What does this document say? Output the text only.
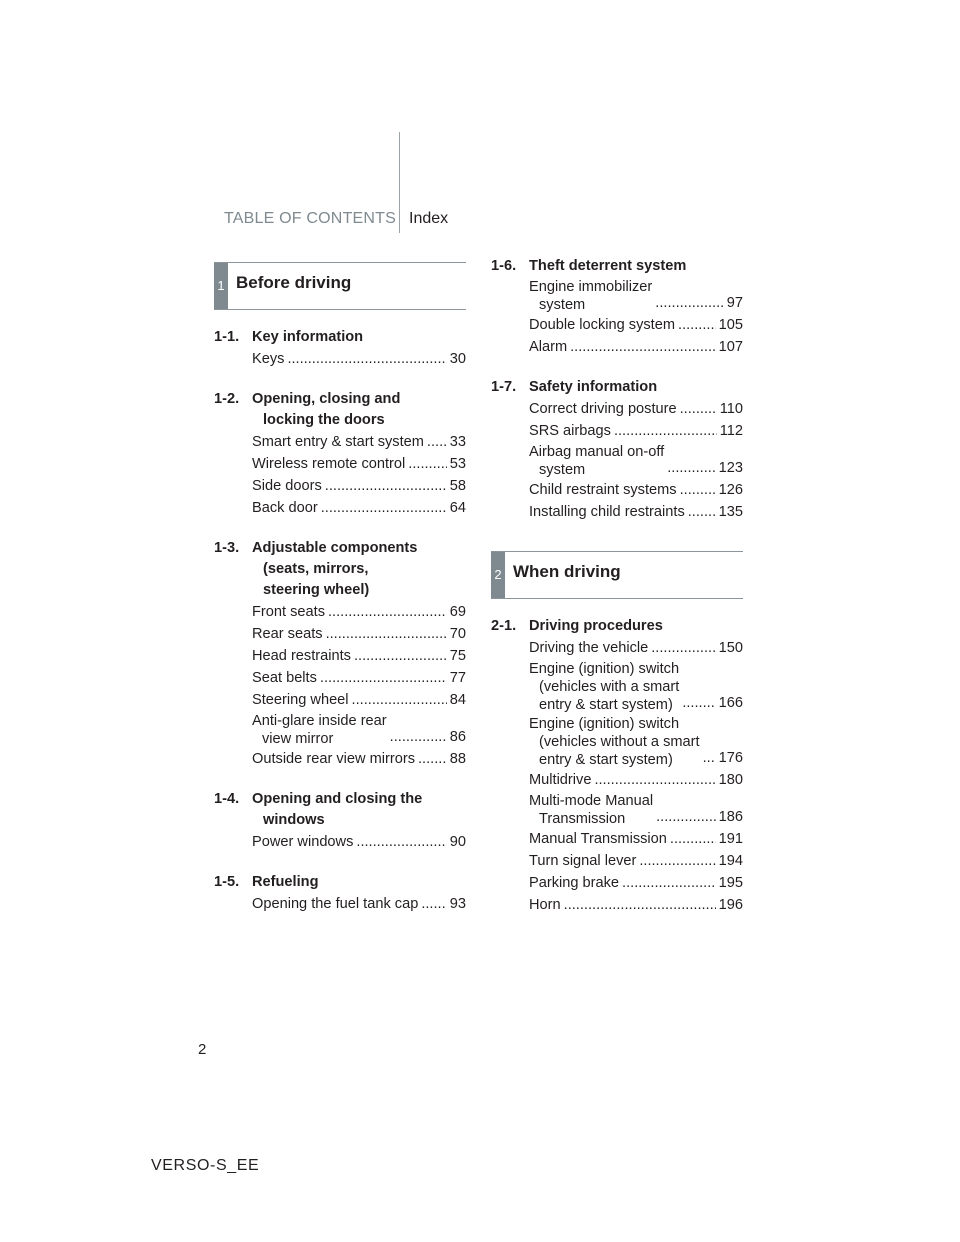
TABLE OF CONTENTS Index
1 Before driving
2 When driving
1-1. Key information
Keys .....	30
1-2. Opening, closing and
locking the doors
Smart entry & start system ..... 33
Wireless remote control .....	53
Side doors .....	58
Back door .....	64
1-3. Adjustable components
(seats, mirrors,
steering wheel)
Front seats .....	69
Rear seats .....	70
Head restraints .....	75
Seat belts .....	77
Steering wheel .....	84
Anti-glare inside rear
view mirror .....	86
Outside rear view mirrors ..... 88
1-4. Opening and closing the
windows
Power windows .....	90
1-5. Refueling
Opening the fuel tank cap ..... 93
1-6. Theft deterrent system
Engine immobilizer
system .....	97
Double locking system .....	105
Alarm .....	107
1-7. Safety information
Correct driving posture .....	110
SRS airbags .....	112
Airbag manual on-off
system .....	123
Child restraint systems .....	126
Installing child restraints ..... 135
2-1. Driving procedures
Driving the vehicle .....	150
Engine (ignition) switch
(vehicles with a smart
entry & start system) .....	166
Engine (ignition) switch
(vehicles without a smart
entry & start system) .....	176
Multidrive .....	180
Multi-mode Manual
Transmission .....	186
Manual Transmission .....	191
Turn signal lever .....	194
Parking brake .....	195
Horn .....	196
2
VERSO-S_EE
